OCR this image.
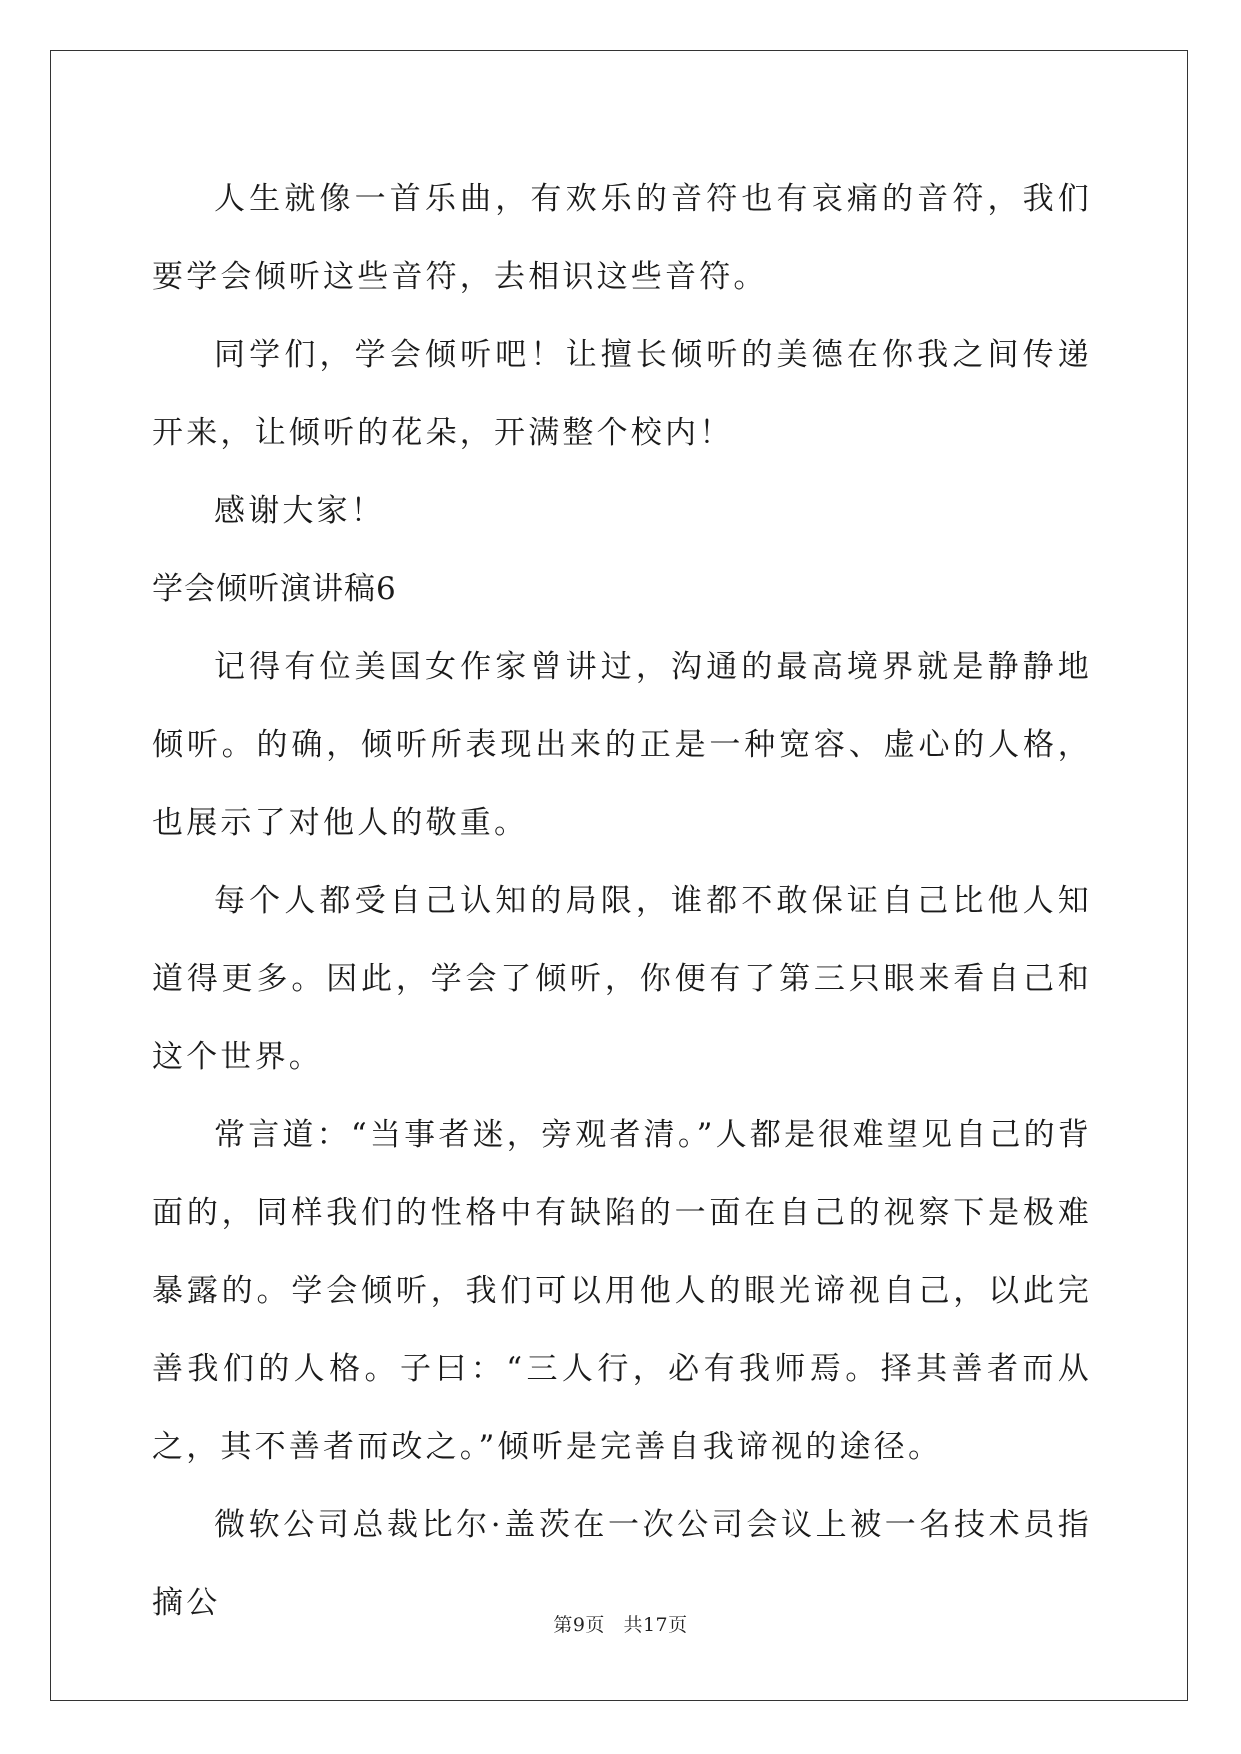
人生就像一首乐曲，有欢乐的音符也有哀痛的音符，我们要学会倾听这些音符，去相识这些音符。

同学们，学会倾听吧！让擅长倾听的美德在你我之间传递开来，让倾听的花朵，开满整个校内！

感谢大家！

学会倾听演讲稿6

记得有位美国女作家曾讲过，沟通的最高境界就是静静地倾听。的确，倾听所表现出来的正是一种宽容、虚心的人格，也展示了对他人的敬重。

每个人都受自己认知的局限，谁都不敢保证自己比他人知道得更多。因此，学会了倾听，你便有了第三只眼来看自己和这个世界。

常言道：“当事者迷，旁观者清。”人都是很难望见自己的背面的，同样我们的性格中有缺陷的一面在自己的视察下是极难暴露的。学会倾听，我们可以用他人的眼光谛视自己，以此完善我们的人格。子曰：“三人行，必有我师焉。择其善者而从之，其不善者而改之。”倾听是完善自我谛视的途径。

微软公司总裁比尔·盖茨在一次公司会议上被一名技术员指摘公

第9页 共17页
